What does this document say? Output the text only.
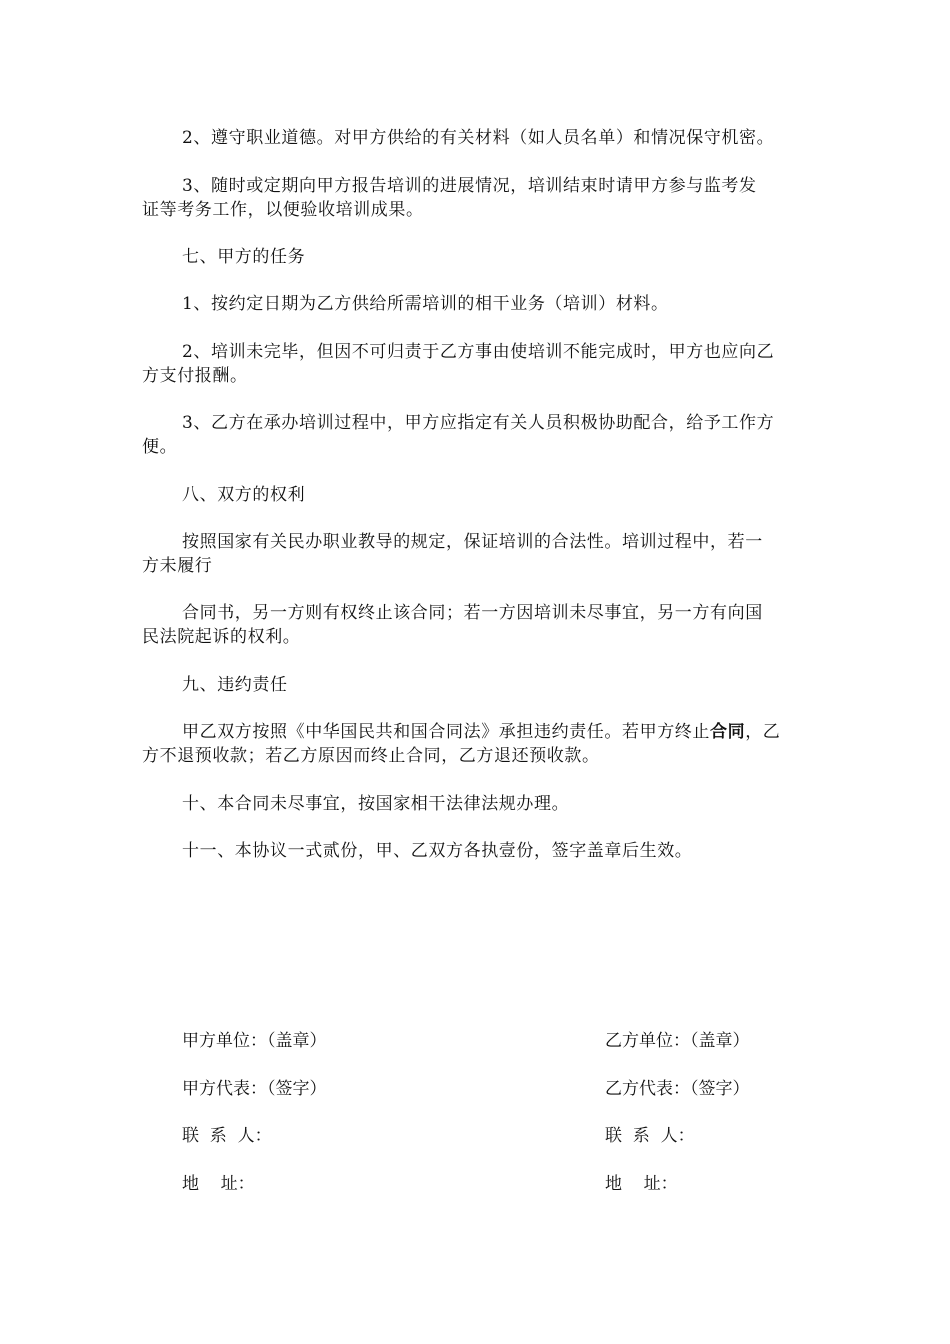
2、遵守职业道德。对甲方供给的有关材料（如人员名单）和情况保守机密。
3、随时或定期向甲方报告培训的进展情况，培训结束时请甲方参与监考发
证等考务工作，以便验收培训成果。
七、甲方的任务
1、按约定日期为乙方供给所需培训的相干业务（培训）材料。
2、培训未完毕，但因不可归责于乙方事由使培训不能完成时，甲方也应向乙
方支付报酬。
3、乙方在承办培训过程中，甲方应指定有关人员积极协助配合，给予工作方
便。
八、双方的权利
按照国家有关民办职业教导的规定，保证培训的合法性。培训过程中，若一
方未履行
合同书，另一方则有权终止该合同；若一方因培训未尽事宜，另一方有向国
民法院起诉的权利。
九、违约责任
甲乙双方按照《中华国民共和国合同法》承担违约责任。若甲方终止合同，乙
方不退预收款；若乙方原因而终止合同，乙方退还预收款。
十、本合同未尽事宜，按国家相干法律法规办理。
十一、本协议一式贰份，甲、乙双方各执壹份，签字盖章后生效。
甲方单位：（盖章）	乙方单位：（盖章）
甲方代表：（签字）	乙方代表：（签字）
联  系  人：	联  系  人：
地    址：	地    址：
